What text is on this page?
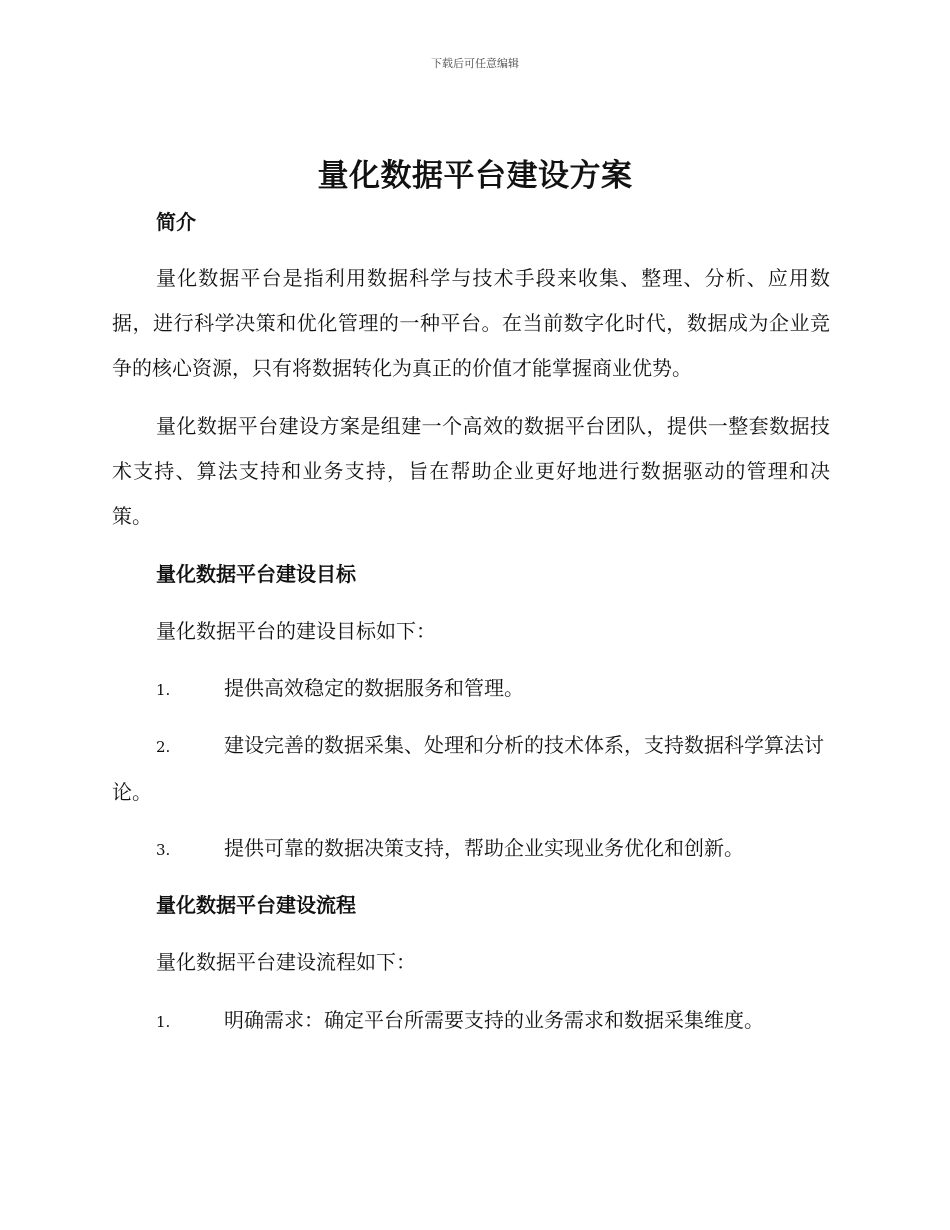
下载后可任意编辑
量化数据平台建设方案
简介

量化数据平台是指利用数据科学与技术手段来收集、整理、分析、应用数据，进行科学决策和优化管理的一种平台。在当前数字化时代，数据成为企业竞争的核心资源，只有将数据转化为真正的价值才能掌握商业优势。

量化数据平台建设方案是组建一个高效的数据平台团队，提供一整套数据技术支持、算法支持和业务支持，旨在帮助企业更好地进行数据驱动的管理和决策。

量化数据平台建设目标

量化数据平台的建设目标如下：

1.	提供高效稳定的数据服务和管理。

2.	建设完善的数据采集、处理和分析的技术体系，支持数据科学算法讨论。

3.	提供可靠的数据决策支持，帮助企业实现业务优化和创新。

量化数据平台建设流程

量化数据平台建设流程如下：

1.	明确需求：确定平台所需要支持的业务需求和数据采集维度。
